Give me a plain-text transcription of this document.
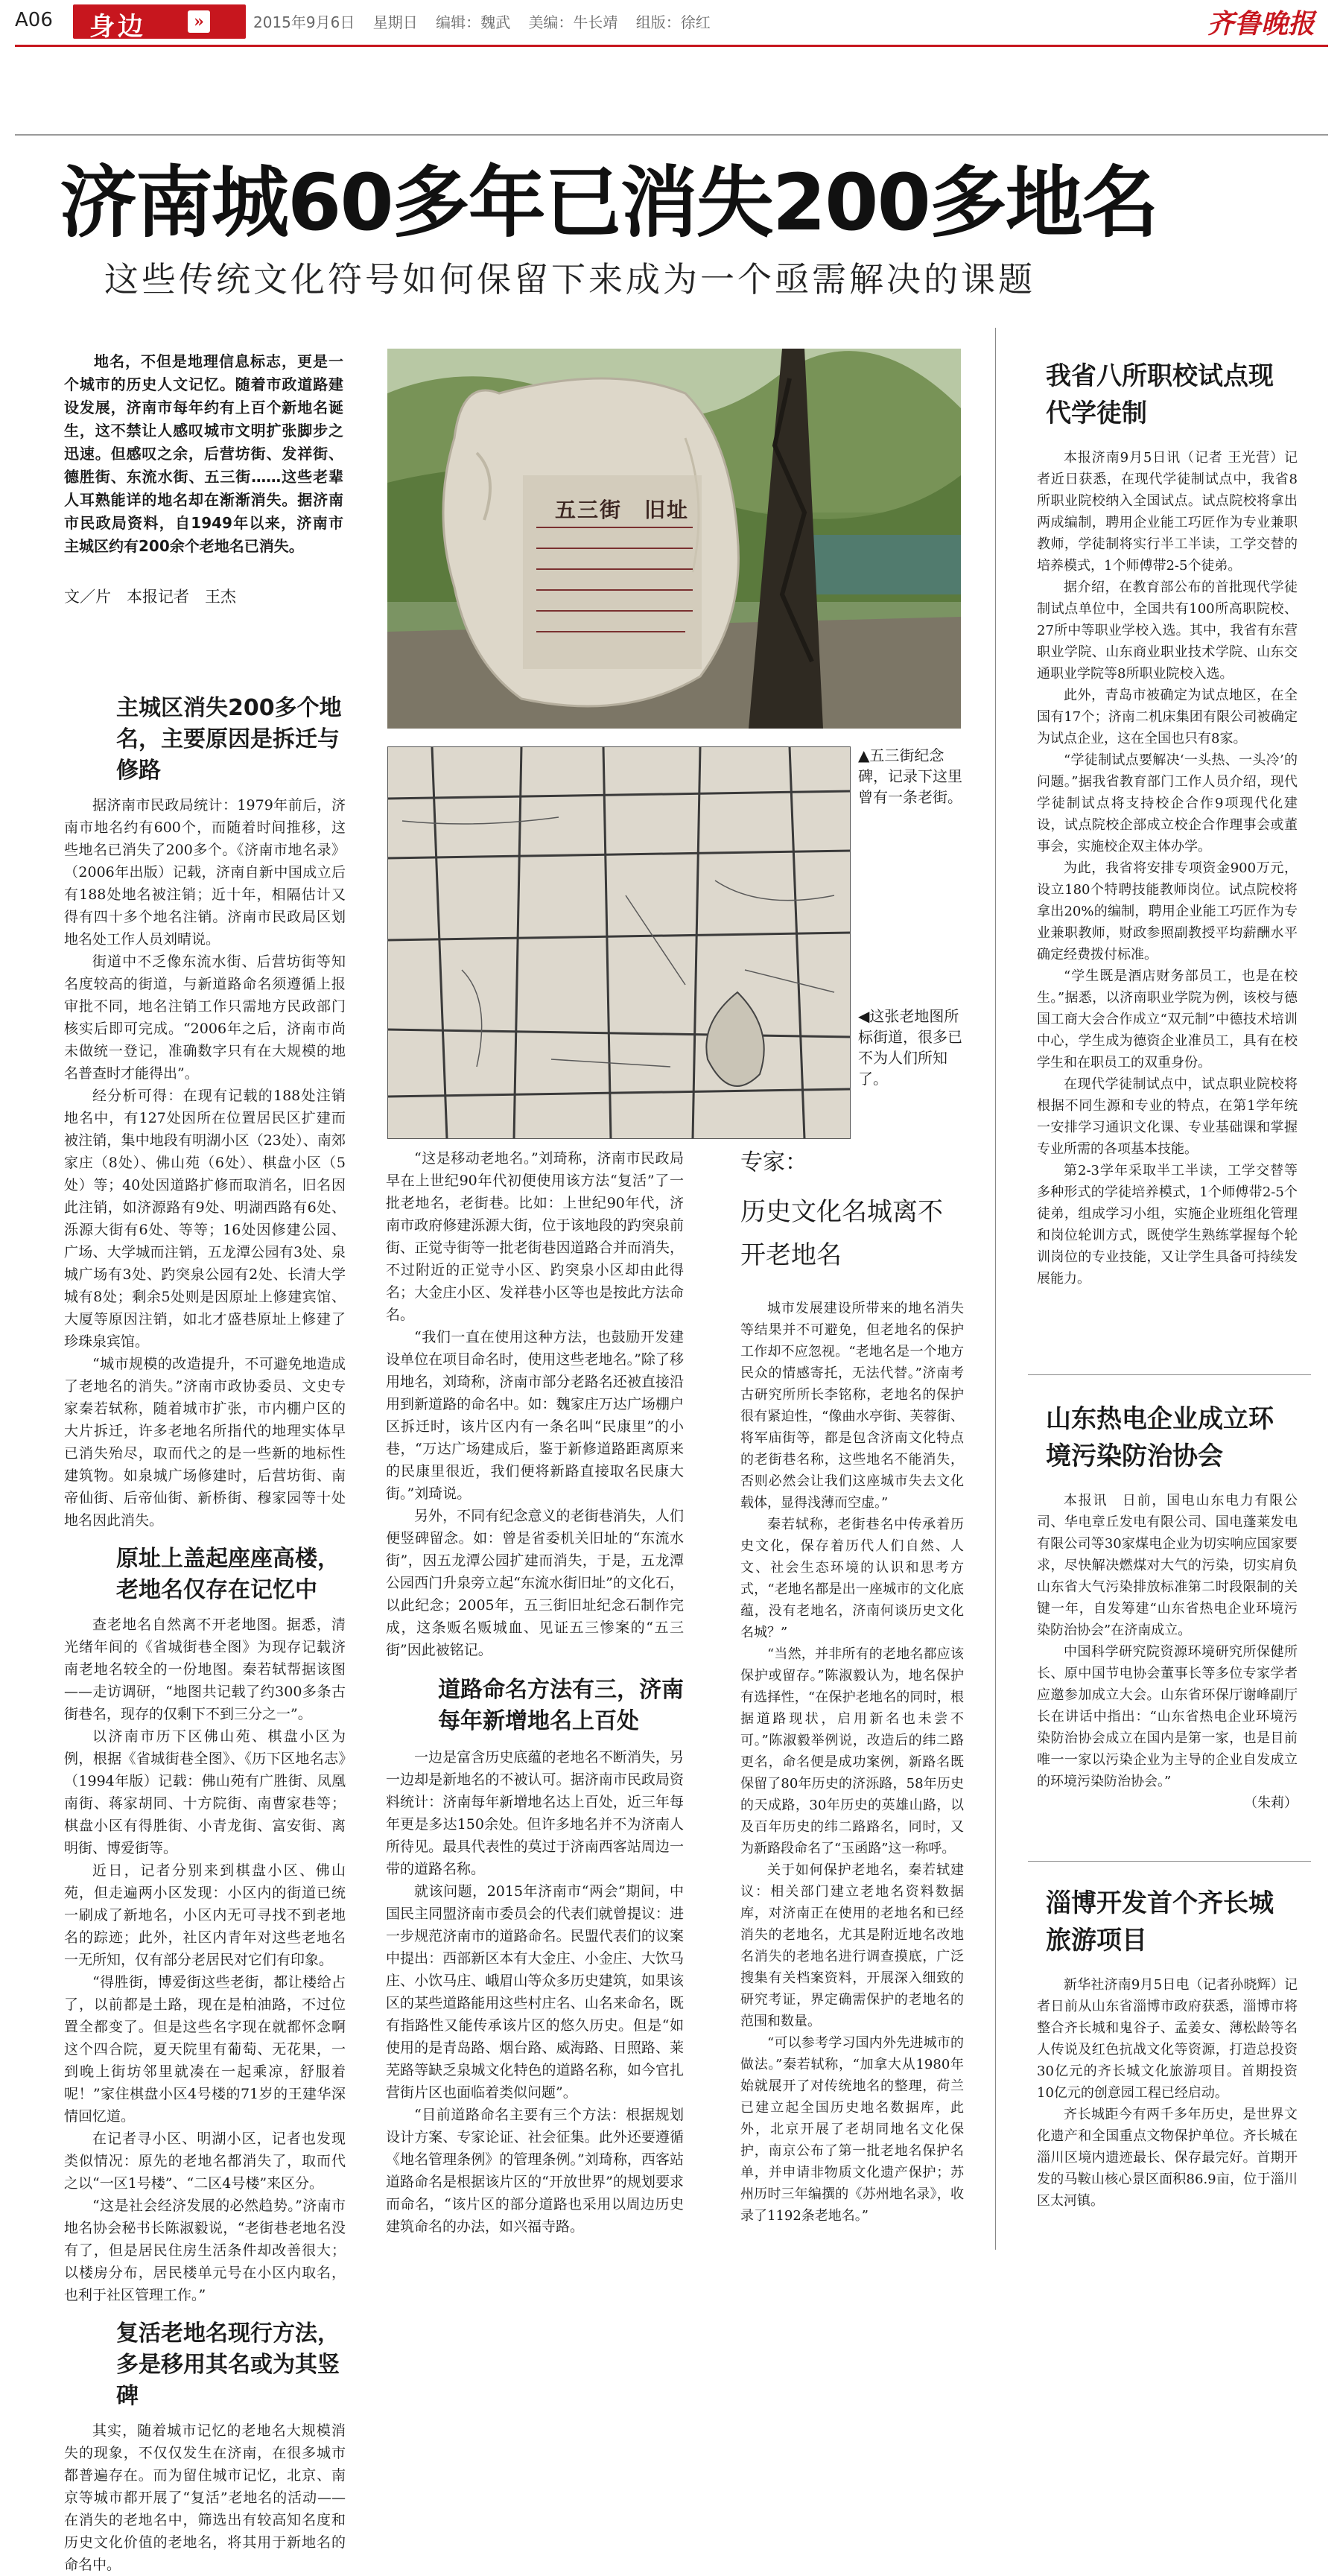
A06 身边	»	2015年9月6日 星期日 编辑：魏武 美编：牛长靖 组版：徐红	齐鲁晚报
济南城60多年已消失200多地名
这些传统文化符号如何保留下来成为一个亟需解决的课题

地名，不但是地理信息标志，更是一个城市的历史人文记忆。随着市政道路建设发展，济南市每年约有上百个新地名诞生，这不禁让人感叹城市文明扩张脚步之迅速。但感叹之余，后营坊街、发祥街、德胜街、东流水街、五三街……这些老辈人耳熟能详的地名却在渐渐消失。据济南市民政局资料，自1949年以来，济南市主城区约有200余个老地名已消失。

文／片　本报记者　王杰
五三街　旧址
▲五三街纪念碑，记录下这里曾有一条老街。
◀这张老地图所标街道，很多已不为人们所知了。
主城区消失200多个地名，主要原因是拆迁与修路

据济南市民政局统计：1979年前后，济南市地名约有600个，而随着时间推移，这些地名已消失了200多个。《济南市地名录》（2006年出版）记载，济南自新中国成立后有188处地名被注销；近十年，相隔估计又得有四十多个地名注销。济南市民政局区划地名处工作人员刘晴说。

街道中不乏像东流水街、后营坊街等知名度较高的街道，与新道路命名须遵循上报审批不同，地名注销工作只需地方民政部门核实后即可完成。“2006年之后，济南市尚未做统一登记，准确数字只有在大规模的地名普查时才能得出”。

经分析可得：在现有记载的188处注销地名中，有127处因所在位置居民区扩建而被注销，集中地段有明湖小区（23处）、南郊家庄（8处）、佛山苑（6处）、棋盘小区（5处）等；40处因道路扩修而取消名，旧名因此注销，如济源路有9处、明湖西路有6处、泺源大街有6处、等等；16处因修建公园、广场、大学城而注销，五龙潭公园有3处、泉城广场有3处、趵突泉公园有2处、长清大学城有8处；剩余5处则是因原址上修建宾馆、大厦等原因注销，如北才盛巷原址上修建了珍珠泉宾馆。

“城市规模的改造提升，不可避免地造成了老地名的消失。”济南市政协委员、文史专家秦若轼称，随着城市扩张，市内棚户区的大片拆迁，许多老地名所指代的地理实体早已消失殆尽，取而代之的是一些新的地标性建筑物。如泉城广场修建时，后营坊街、南帝仙街、后帝仙街、新桥街、穆家园等十处地名因此消失。

原址上盖起座座高楼，老地名仅存在记忆中

查老地名自然离不开老地图。据悉，清光绪年间的《省城街巷全图》为现存记载济南老地名较全的一份地图。秦若轼帮据该图——走访调研，“地图共记载了约300多条古街巷名，现存的仅剩下不到三分之一”。

以济南市历下区佛山苑、棋盘小区为例，根据《省城街巷全图》、《历下区地名志》（1994年版）记载：佛山苑有广胜街、凤凰南街、蒋家胡同、十方院街、南曹家巷等；棋盘小区有得胜街、小青龙街、富安街、离明街、博爱街等。

近日，记者分别来到棋盘小区、佛山苑，但走遍两小区发现：小区内的街道已统一刷成了新地名，小区内无可寻找不到老地名的踪迹；此外，社区内青年对这些老地名一无所知，仅有部分老居民对它们有印象。

“得胜街，博爱街这些老街，都让楼给占了，以前都是土路，现在是柏油路，不过位置全都变了。但是这些名字现在就都怀念啊这个四合院，夏天院里有葡萄、无花果，一到晚上街坊邻里就凑在一起乘凉，舒服着呢！”家住棋盘小区4号楼的71岁的王建华深情回忆道。

在记者寻小区、明湖小区，记者也发现类似情况：原先的老地名都消失了，取而代之以“一区1号楼”、“二区4号楼”来区分。

“这是社会经济发展的必然趋势。”济南市地名协会秘书长陈淑毅说，“老街巷老地名没有了，但是居民住房生活条件却改善很大；以楼房分布，居民楼单元号在小区内取名，也利于社区管理工作。”

复活老地名现行方法，多是移用其名或为其竖碑

其实，随着城市记忆的老地名大规模消失的现象，不仅仅发生在济南，在很多城市都普遍存在。而为留住城市记忆，北京、南京等城市都开展了“复活”老地名的活动——在消失的老地名中，筛选出有较高知名度和历史文化价值的老地名，将其用于新地名的命名中。

“这是移动老地名。”刘琦称，济南市民政局早在上世纪90年代初便使用该方法“复活”了一批老地名，老街巷。比如：上世纪90年代，济南市政府修建泺源大街，位于该地段的趵突泉前街、正觉寺街等一批老街巷因道路合并而消失，不过附近的正觉寺小区、趵突泉小区却由此得名；大金庄小区、发祥巷小区等也是按此方法命名。

“我们一直在使用这种方法，也鼓励开发建设单位在项目命名时，使用这些老地名。”除了移用地名，刘琦称，济南市部分老路名还被直接沿用到新道路的命名中。如：魏家庄万达广场棚户区拆迁时，该片区内有一条名叫“民康里”的小巷，“万达广场建成后，鉴于新修道路距离原来的民康里很近，我们便将新路直接取名民康大街。”刘琦说。

另外，不同有纪念意义的老街巷消失，人们便竖碑留念。如：曾是省委机关旧址的“东流水街”，因五龙潭公园扩建而消失，于是，五龙潭公园西门升泉旁立起“东流水街旧址”的文化石，以此纪念；2005年，五三街旧址纪念石制作完成，这条贩名贩城血、见证五三惨案的“五三街”因此被铭记。

道路命名方法有三，济南每年新增地名上百处

一边是富含历史底蕴的老地名不断消失，另一边却是新地名的不被认可。据济南市民政局资料统计：济南每年新增地名达上百处，近三年每年更是多达150余处。但许多地名并不为济南人所待见。最具代表性的莫过于济南西客站周边一带的道路名称。

就该问题，2015年济南市“两会”期间，中国民主同盟济南市委员会的代表们就曾提议：进一步规范济南市的道路命名。民盟代表们的议案中提出：西部新区本有大金庄、小金庄、大饮马庄、小饮马庄、峨眉山等众多历史建筑，如果该区的某些道路能用这些村庄名、山名来命名，既有指路性又能传承该片区的悠久历史。但是“如使用的是青岛路、烟台路、威海路、日照路、莱芜路等缺乏泉城文化特色的道路名称，如今官扎营街片区也面临着类似问题”。

“目前道路命名主要有三个方法：根据规划设计方案、专家论证、社会征集。此外还要遵循《地名管理条例》的管理条例。”刘琦称，西客站道路命名是根据该片区的“开放世界”的规划要求而命名，“该片区的部分道路也采用以周边历史建筑命名的办法，如兴福寺路。

专家：
历史文化名城离不开老地名

城市发展建设所带来的地名消失等结果并不可避免，但老地名的保护工作却不应忽视。“老地名是一个地方民众的情感寄托，无法代替。”济南考古研究所所长李铭称，老地名的保护很有紧迫性，“像曲水亭街、芙蓉街、将军庙街等，都是包含济南文化特点的老街巷名称，这些地名不能消失，否则必然会让我们这座城市失去文化载体，显得浅薄而空虚。”

秦若轼称，老街巷名中传承着历史文化，保存着历代人们自然、人文、社会生态环境的认识和思考方式，“老地名都是出一座城市的文化底蕴，没有老地名，济南何谈历史文化名城？”

“当然，并非所有的老地名都应该保护或留存。”陈淑毅认为，地名保护有选择性，“在保护老地名的同时，根据道路现状，启用新名也未尝不可。”陈淑毅举例说，改造后的纬二路更名，命名便是成功案例，新路名既保留了80年历史的济泺路，58年历史的天成路，30年历史的英雄山路，以及百年历史的纬二路路名，同时，又为新路段命名了“玉函路”这一称呼。

关于如何保护老地名，秦若轼建议：相关部门建立老地名资料数据库，对济南正在使用的老地名和已经消失的老地名，尤其是附近地名改地名消失的老地名进行调查摸底，广泛搜集有关档案资料，开展深入细致的研究考证，界定确需保护的老地名的范围和数量。

“可以参考学习国内外先进城市的做法。”秦若轼称，“加拿大从1980年始就展开了对传统地名的整理，荷兰已建立起全国历史地名数据库，此外，北京开展了老胡同地名文化保护，南京公布了第一批老地名保护名单，并申请非物质文化遗产保护；苏州历时三年编撰的《苏州地名录》，收录了1192条老地名。”

我省八所职校试点现代学徒制

本报济南9月5日讯（记者 王光营）记者近日获悉，在现代学徒制试点中，我省8所职业院校纳入全国试点。试点院校将拿出两成编制，聘用企业能工巧匠作为专业兼职教师，学徒制将实行半工半读，工学交替的培养模式，1个师傅带2-5个徒弟。

据介绍，在教育部公布的首批现代学徒制试点单位中，全国共有100所高职院校、27所中等职业学校入选。其中，我省有东营职业学院、山东商业职业技术学院、山东交通职业学院等8所职业院校入选。

此外，青岛市被确定为试点地区，在全国有17个；济南二机床集团有限公司被确定为试点企业，这在全国也只有8家。

“学徒制试点要解决‘一头热、一头冷’的问题。”据我省教育部门工作人员介绍，现代学徒制试点将支持校企合作9项现代化建设，试点院校企部成立校企合作理事会或董事会，实施校企双主体办学。

为此，我省将安排专项资金900万元，设立180个特聘技能教师岗位。试点院校将拿出20%的编制，聘用企业能工巧匠作为专业兼职教师，财政参照副教授平均薪酬水平确定经费拨付标准。

“学生既是酒店财务部员工，也是在校生。”据悉，以济南职业学院为例，该校与德国工商大会合作成立“双元制”中德技术培训中心，学生成为德资企业准员工，具有在校学生和在职员工的双重身份。

在现代学徒制试点中，试点职业院校将根据不同生源和专业的特点，在第1学年统一安排学习通识文化课、专业基础课和掌握专业所需的各项基本技能。

第2-3学年采取半工半读，工学交替等多种形式的学徒培养模式，1个师傅带2-5个徒弟，组成学习小组，实施企业班组化管理和岗位轮训方式，既使学生熟练掌握每个轮训岗位的专业技能，又让学生具备可持续发展能力。

山东热电企业成立环境污染防治协会

本报讯　日前，国电山东电力有限公司、华电章丘发电有限公司、国电蓬莱发电有限公司等30家煤电企业为切实响应国家要求，尽快解决燃煤对大气的污染，切实肩负山东省大气污染排放标准第二时段限制的关键一年，自发筹建“山东省热电企业环境污染防治协会”在济南成立。

中国科学研究院资源环境研究所保健所长、原中国节电协会董事长等多位专家学者应邀参加成立大会。山东省环保厅谢峰副厅长在讲话中指出：“山东省热电企业环境污染防治协会成立在国内是第一家，也是目前唯一一家以污染企业为主导的企业自发成立的环境污染防治协会。”

（朱莉）
淄博开发首个齐长城旅游项目

新华社济南9月5日电（记者孙晓辉）记者日前从山东省淄博市政府获悉，淄博市将整合齐长城和鬼谷子、孟姜女、薄松龄等名人传说及红色抗战文化等资源，打造总投资30亿元的齐长城文化旅游项目。首期投资10亿元的创意园工程已经启动。

齐长城距今有两千多年历史，是世界文化遗产和全国重点文物保护单位。齐长城在淄川区境内遗迹最长、保存最完好。首期开发的马鞍山核心景区面积86.9亩，位于淄川区太河镇。
